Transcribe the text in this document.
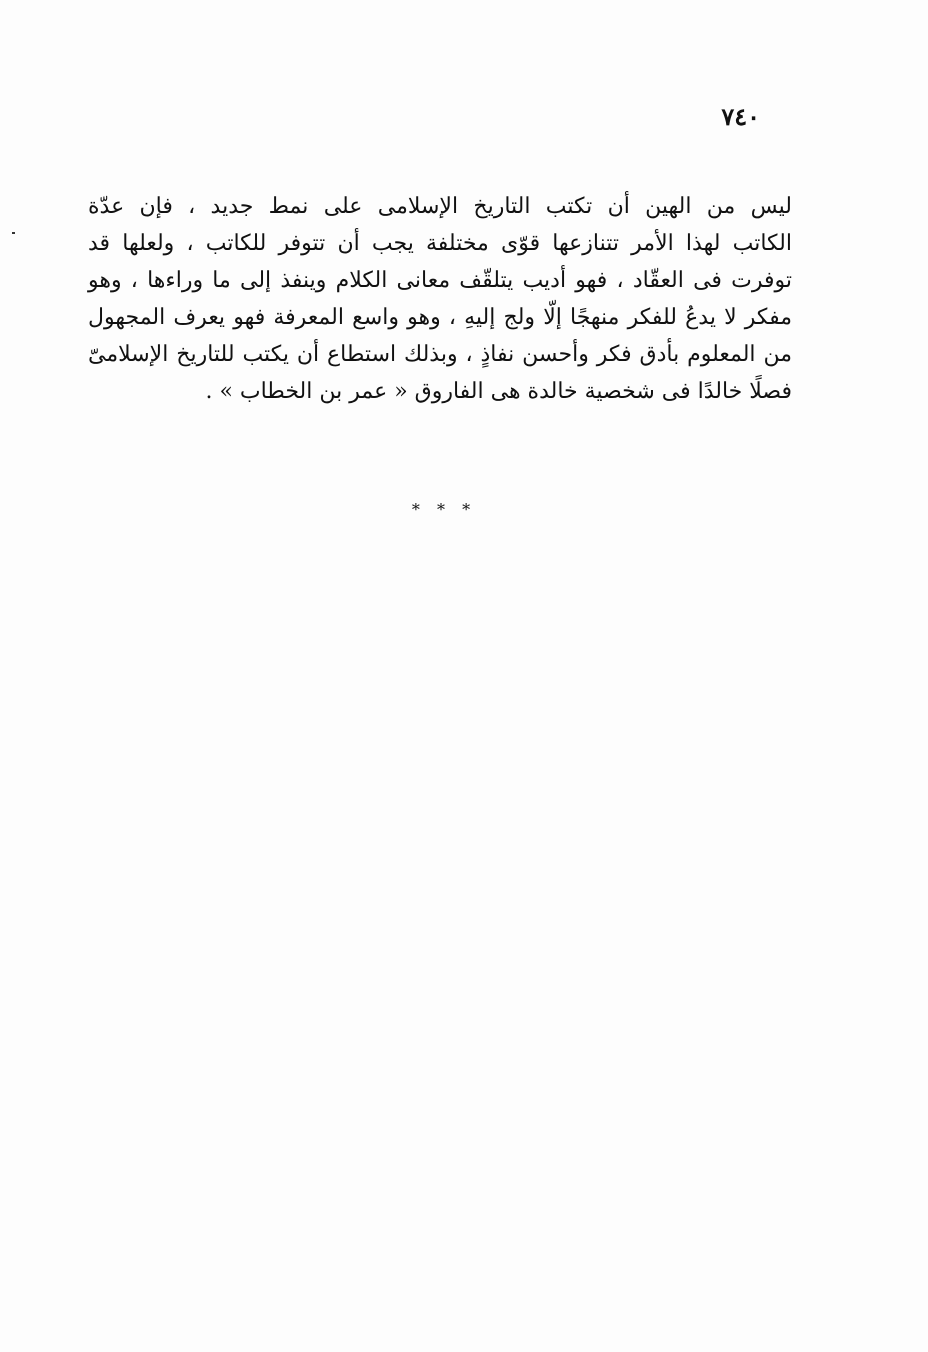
٧٤٠
ليس من الهين أن تكتب التاريخ الإسلامى على نمط جديد ، فإن عدّة
الكاتب لهذا الأمر تتنازعها قوّى مختلفة يجب أن تتوفر للكاتب ، ولعلها قد
توفرت فى العقّاد ، فهو أديب يتلقّف معانى الكلام وينفذ إلى ما وراءها ، وهو
مفكر لا يدعُ للفكر منهجًا إلّا ولج إليهِ ، وهو واسع المعرفة فهو يعرف المجهول
من المعلوم بأدق فكر وأحسن نفاذٍ ، وبذلك استطاع أن يكتب للتاريخ الإسلامىّ
فصلًا خالدًا فى شخصية خالدة هى الفاروق « عمر بن الخطاب » .
* * *
